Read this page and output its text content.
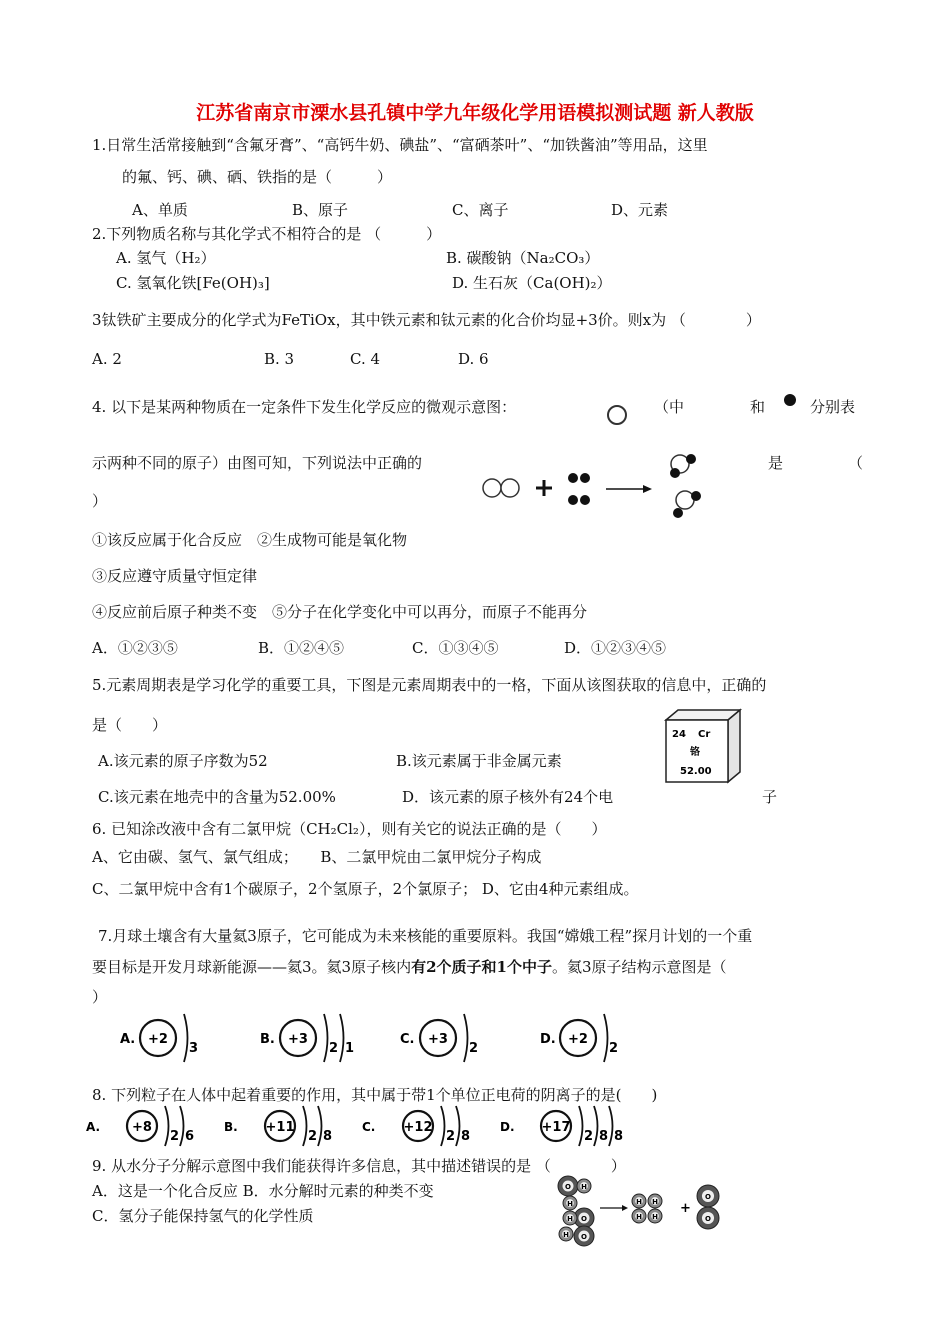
江苏省南京市溧水县孔镇中学九年级化学用语模拟测试题 新人教版
1.日常生活常接触到“含氟牙膏”、“高钙牛奶、碘盐”、“富硒茶叶”、“加铁酱油”等用品，这里
的氟、钙、碘、硒、铁指的是（　　　）
A、单质	B、原子	C、离子	D、元素
2.下列物质名称与其化学式不相符合的是 （　　　）
A. 氢气（H₂）	B. 碳酸钠（Na₂CO₃）
C. 氢氧化铁[Fe(OH)₃]	D. 生石灰（Ca(OH)₂）
3钛铁矿主要成分的化学式为FeTiOx，其中铁元素和钛元素的化合价均显+3价。则x为 （　　　　）
A. 2	B. 3	C. 4	D. 6
4. 以下是某两种物质在一定条件下发生化学反应的微观示意图：	（中	和	分别表
示两种不同的原子）由图可知，下列说法中正确的	是	（
）
①该反应属于化合反应　②生成物可能是氧化物
③反应遵守质量守恒定律
④反应前后原子种类不变　⑤分子在化学变化中可以再分，而原子不能再分
A．①②③⑤	B．①②④⑤	C．①③④⑤	D．①②③④⑤
5.元素周期表是学习化学的重要工具，下图是元素周期表中的一格，下面从该图获取的信息中，正确的
是（　　）
24 Cr
铬
52.00
A.该元素的原子序数为52	B.该元素属于非金属元素
C.该元素在地壳中的含量为52.00%	D．该元素的原子核外有24个电	子
6. 已知涂改液中含有二氯甲烷（CH₂Cl₂），则有关它的说法正确的是（　　）
A、它由碳、氢气、氯气组成；　　B、二氯甲烷由二氯甲烷分子构成
C、二氯甲烷中含有1个碳原子，2个氢原子，2个氯原子； D、它由4种元素组成。
7.月球土壤含有大量氦3原子，它可能成为未来核能的重要原料。我国“嫦娥工程”探月计划的一个重
要目标是开发月球新能源——氦3。氦3原子核内有2个质子和1个中子。氦3原子结构示意图是（
）
A. +2
3
B. +3
2 1
C. +3
2
D. +2
2
8. 下列粒子在人体中起着重要的作用，其中属于带1个单位正电荷的阴离子的是(　　)
A. +8
2 6
B. +11
2 8
C. +12
2 8
D. +17
2 8 8
9. 从水分子分解示意图中我们能获得许多信息，其中描述错误的是 （　　　　）
A．这是一个化合反应 B．水分解时元素的种类不变
C．氢分子能保持氢气的化学性质
O H
H
O
H
H O
H H
H H
+
O
O
